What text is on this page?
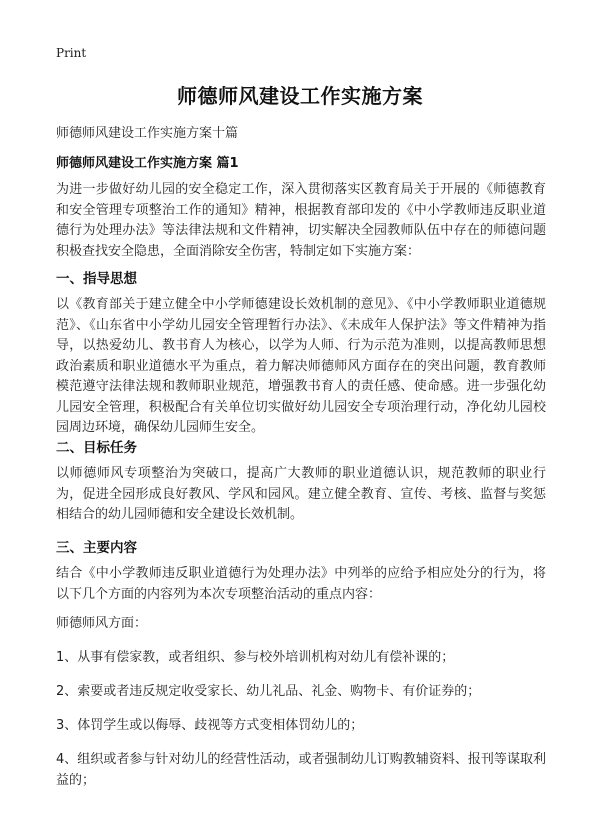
Print
师德师风建设工作实施方案
师德师风建设工作实施方案十篇
师德师风建设工作实施方案 篇1
为进一步做好幼儿园的安全稳定工作，深入贯彻落实区教育局关于开展的《师德教育和安全管理专项整治工作的通知》精神，根据教育部印发的《中小学教师违反职业道德行为处理办法》等法律法规和文件精神，切实解决全园教师队伍中存在的师德问题积极查找安全隐患，全面消除安全伤害，特制定如下实施方案：
一、指导思想
以《教育部关于建立健全中小学师德建设长效机制的意见》、《中小学教师职业道德规范》、《山东省中小学幼儿园安全管理暂行办法》、《未成年人保护法》等文件精神为指导，以热爱幼儿、教书育人为核心，以学为人师、行为示范为准则，以提高教师思想政治素质和职业道德水平为重点，着力解决师德师风方面存在的突出问题，教育教师模范遵守法律法规和教师职业规范，增强教书育人的责任感、使命感。进一步强化幼儿园安全管理，积极配合有关单位切实做好幼儿园安全专项治理行动，净化幼儿园校园周边环境，确保幼儿园师生安全。
二、目标任务
以师德师风专项整治为突破口，提高广大教师的职业道德认识，规范教师的职业行为，促进全园形成良好教风、学风和园风。建立健全教育、宣传、考核、监督与奖惩相结合的幼儿园师德和安全建设长效机制。
三、主要内容
结合《中小学教师违反职业道德行为处理办法》中列举的应给予相应处分的行为，将以下几个方面的内容列为本次专项整治活动的重点内容：
师德师风方面：
1、从事有偿家教，或者组织、参与校外培训机构对幼儿有偿补课的；
2、索要或者违反规定收受家长、幼儿礼品、礼金、购物卡、有价证券的；
3、体罚学生或以侮辱、歧视等方式变相体罚幼儿的；
4、组织或者参与针对幼儿的经营性活动，或者强制幼儿订购教辅资料、报刊等谋取利益的；
